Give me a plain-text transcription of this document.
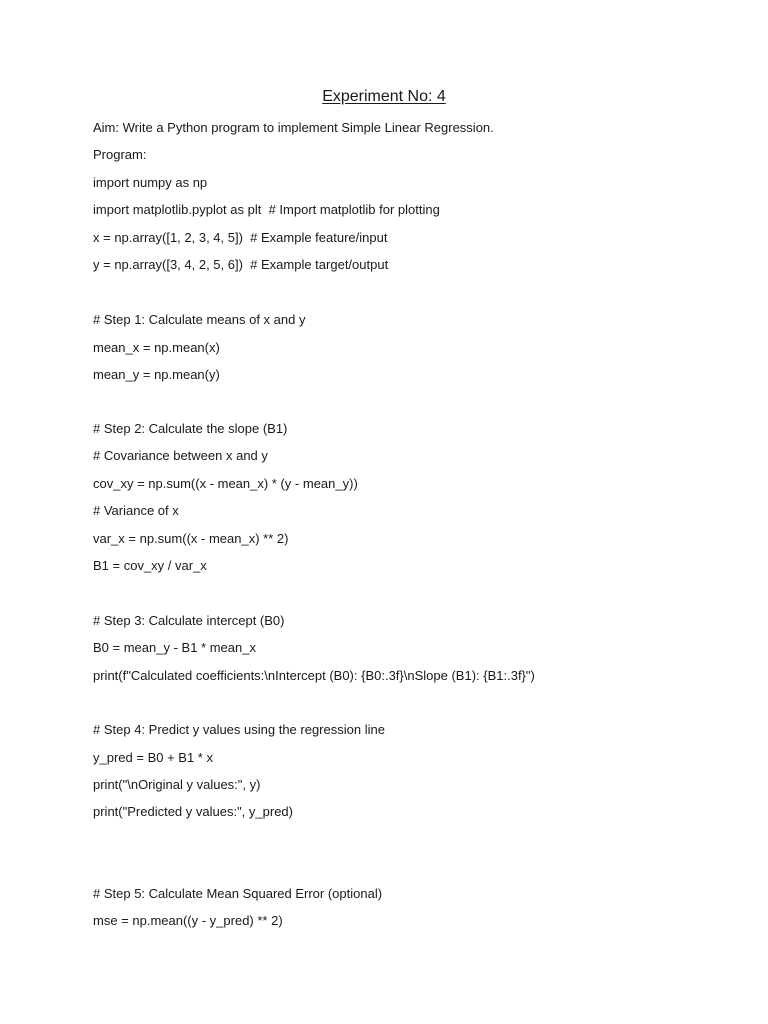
Experiment No: 4
Aim: Write a Python program to implement Simple Linear Regression.
Program:
import numpy as np
import matplotlib.pyplot as plt  # Import matplotlib for plotting
x = np.array([1, 2, 3, 4, 5])  # Example feature/input
y = np.array([3, 4, 2, 5, 6])  # Example target/output
# Step 1: Calculate means of x and y
mean_x = np.mean(x)
mean_y = np.mean(y)
# Step 2: Calculate the slope (B1)
# Covariance between x and y
cov_xy = np.sum((x - mean_x) * (y - mean_y))
# Variance of x
var_x = np.sum((x - mean_x) ** 2)
B1 = cov_xy / var_x
# Step 3: Calculate intercept (B0)
B0 = mean_y - B1 * mean_x
print(f"Calculated coefficients:\nIntercept (B0): {B0:.3f}\nSlope (B1): {B1:.3f}")
# Step 4: Predict y values using the regression line
y_pred = B0 + B1 * x
print("\nOriginal y values:", y)
print("Predicted y values:", y_pred)
# Step 5: Calculate Mean Squared Error (optional)
mse = np.mean((y - y_pred) ** 2)
